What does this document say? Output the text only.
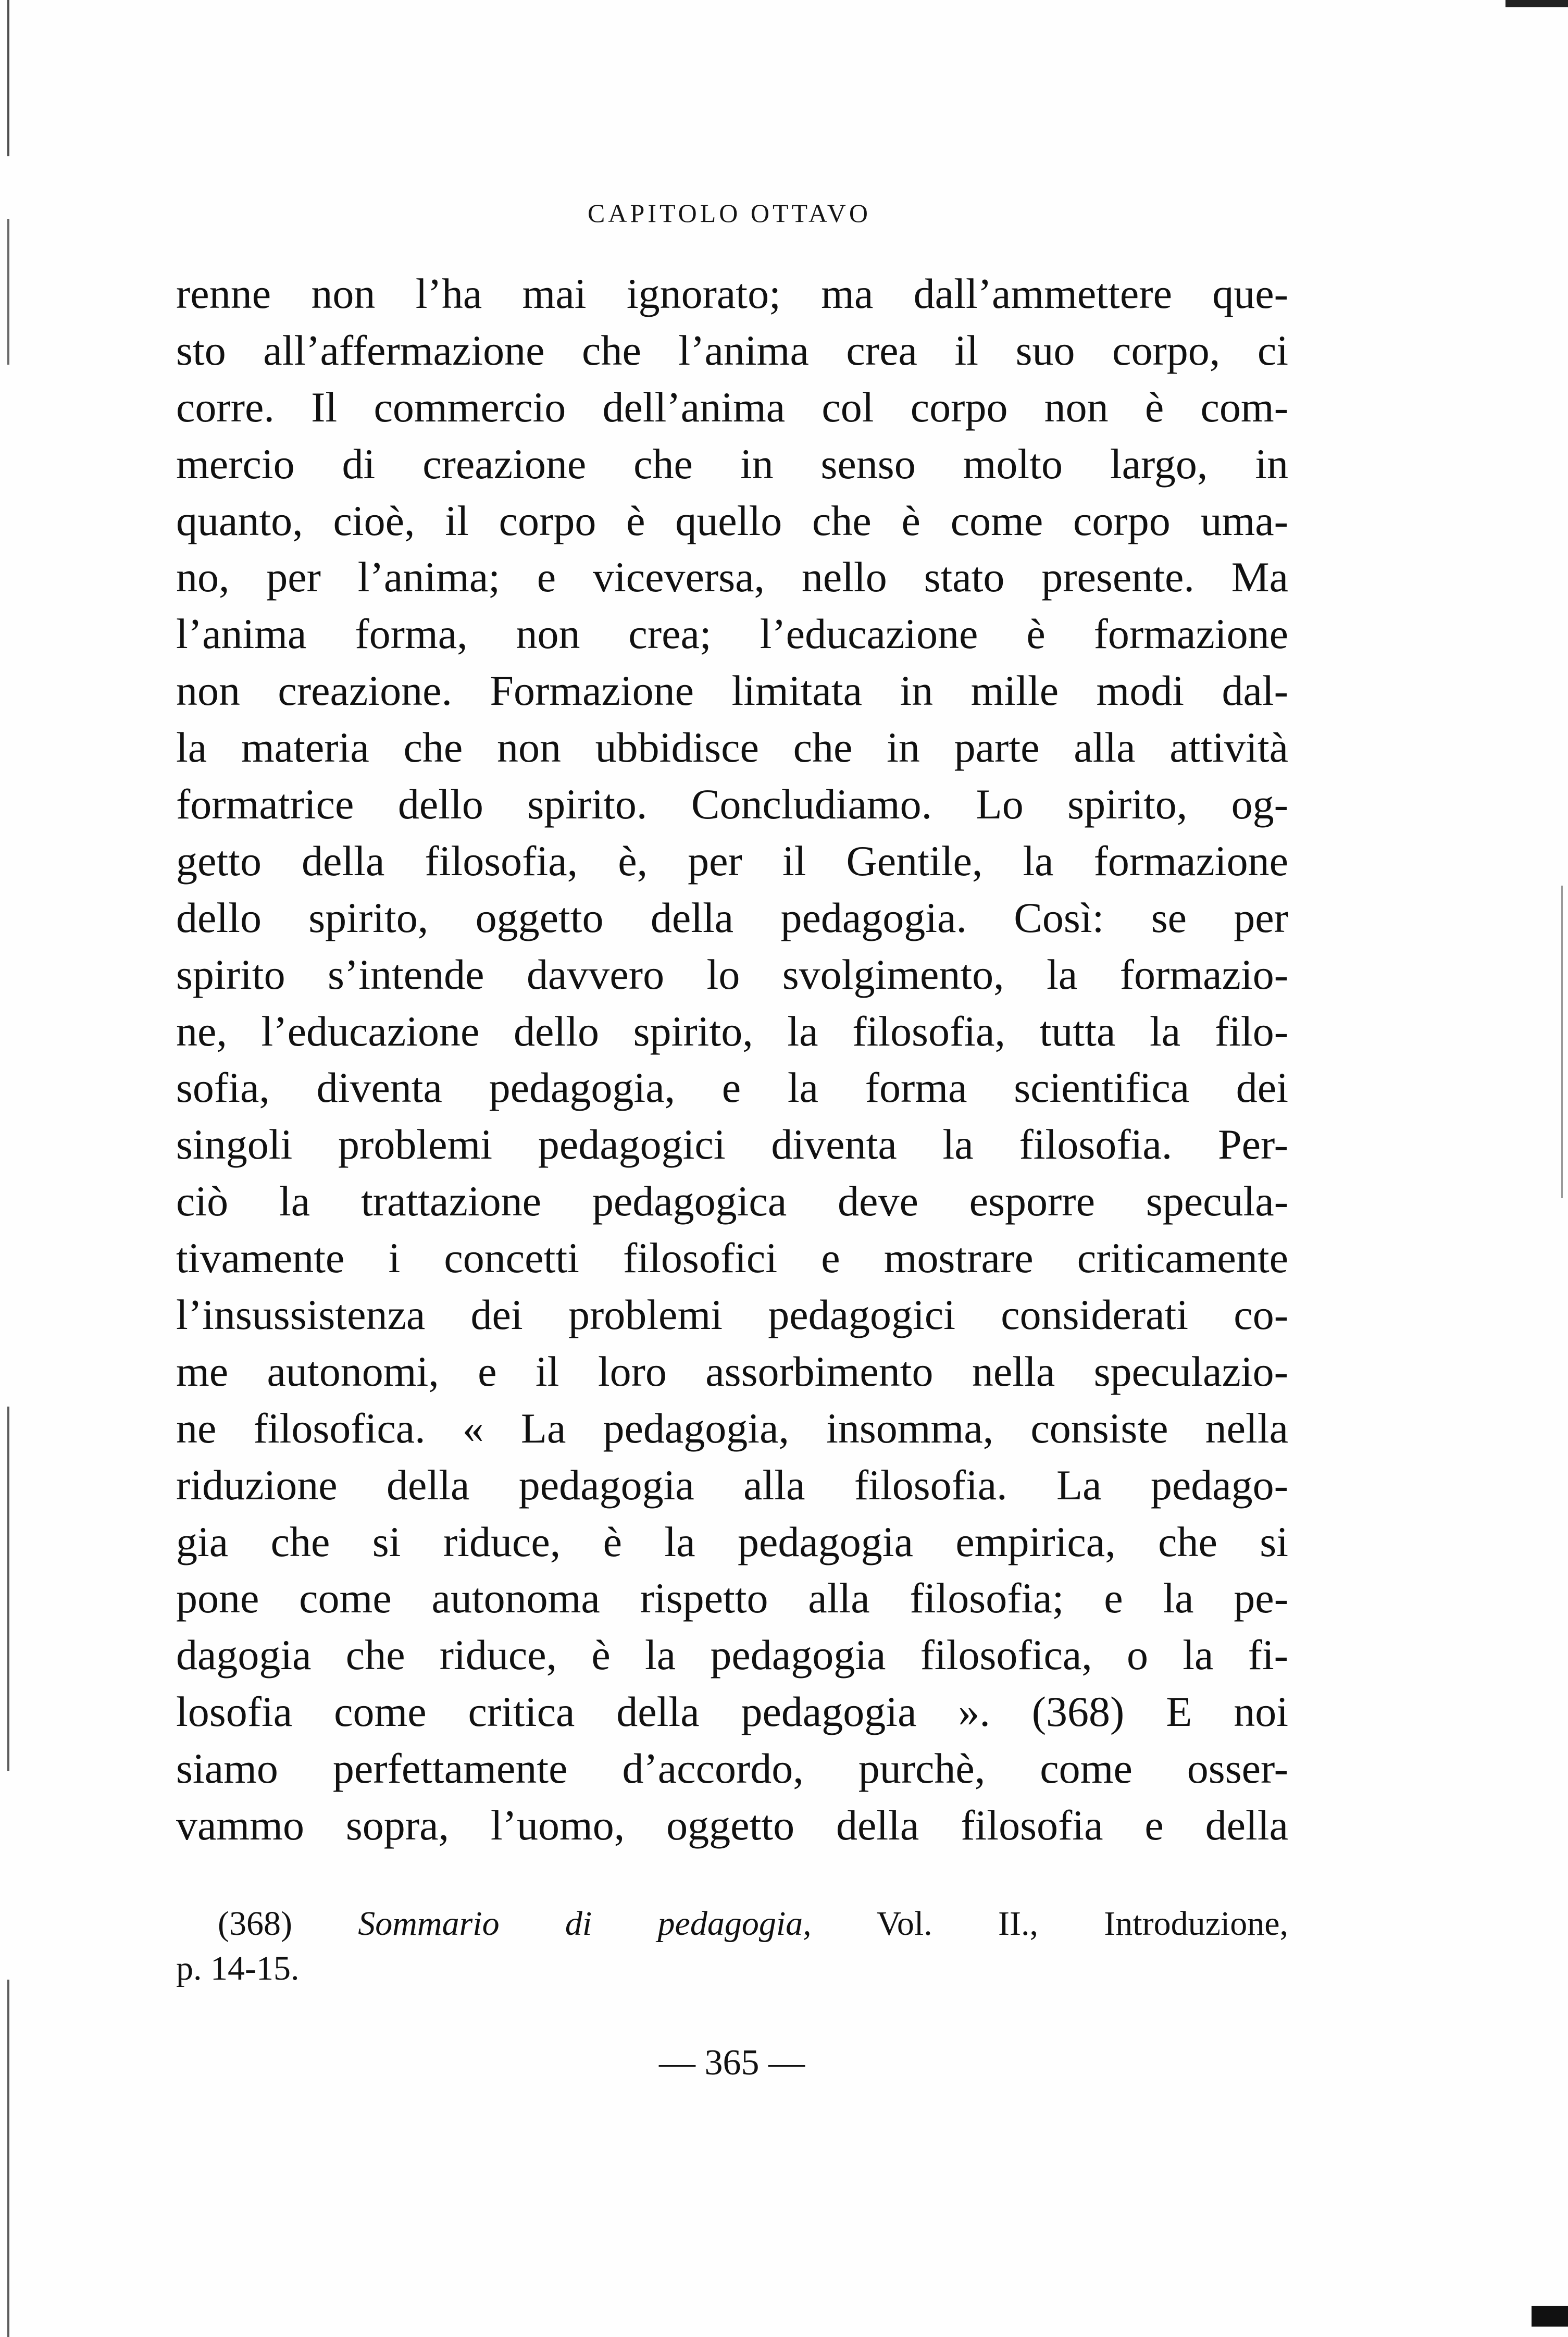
CAPITOLO OTTAVO
renne non l’ha mai ignorato; ma dall’ammettere que-
sto all’affermazione che l’anima crea il suo corpo, ci
corre. Il commercio dell’anima col corpo non è com-
mercio di creazione che in senso molto largo, in
quanto, cioè, il corpo è quello che è come corpo uma-
no, per l’anima; e viceversa, nello stato presente. Ma
l’anima forma, non crea; l’educazione è formazione
non creazione. Formazione limitata in mille modi dal-
la materia che non ubbidisce che in parte alla attività
formatrice dello spirito. Concludiamo. Lo spirito, og-
getto della filosofia, è, per il Gentile, la formazione
dello spirito, oggetto della pedagogia. Così: se per
spirito s’intende davvero lo svolgimento, la formazio-
ne, l’educazione dello spirito, la filosofia, tutta la filo-
sofia, diventa pedagogia, e la forma scientifica dei
singoli problemi pedagogici diventa la filosofia. Per-
ciò la trattazione pedagogica deve esporre specula-
tivamente i concetti filosofici e mostrare criticamente
l’insussistenza dei problemi pedagogici considerati co-
me autonomi, e il loro assorbimento nella speculazio-
ne filosofica. « La pedagogia, insomma, consiste nella
riduzione della pedagogia alla filosofia. La pedago-
gia che si riduce, è la pedagogia empirica, che si
pone come autonoma rispetto alla filosofia; e la pe-
dagogia che riduce, è la pedagogia filosofica, o la fi-
losofia come critica della pedagogia ». (368) E noi
siamo perfettamente d’accordo, purchè, come osser-
vammo sopra, l’uomo, oggetto della filosofia e della
(368) Sommario di pedagogia, Vol. II., Introduzione,
p. 14-15.
— 365 —
